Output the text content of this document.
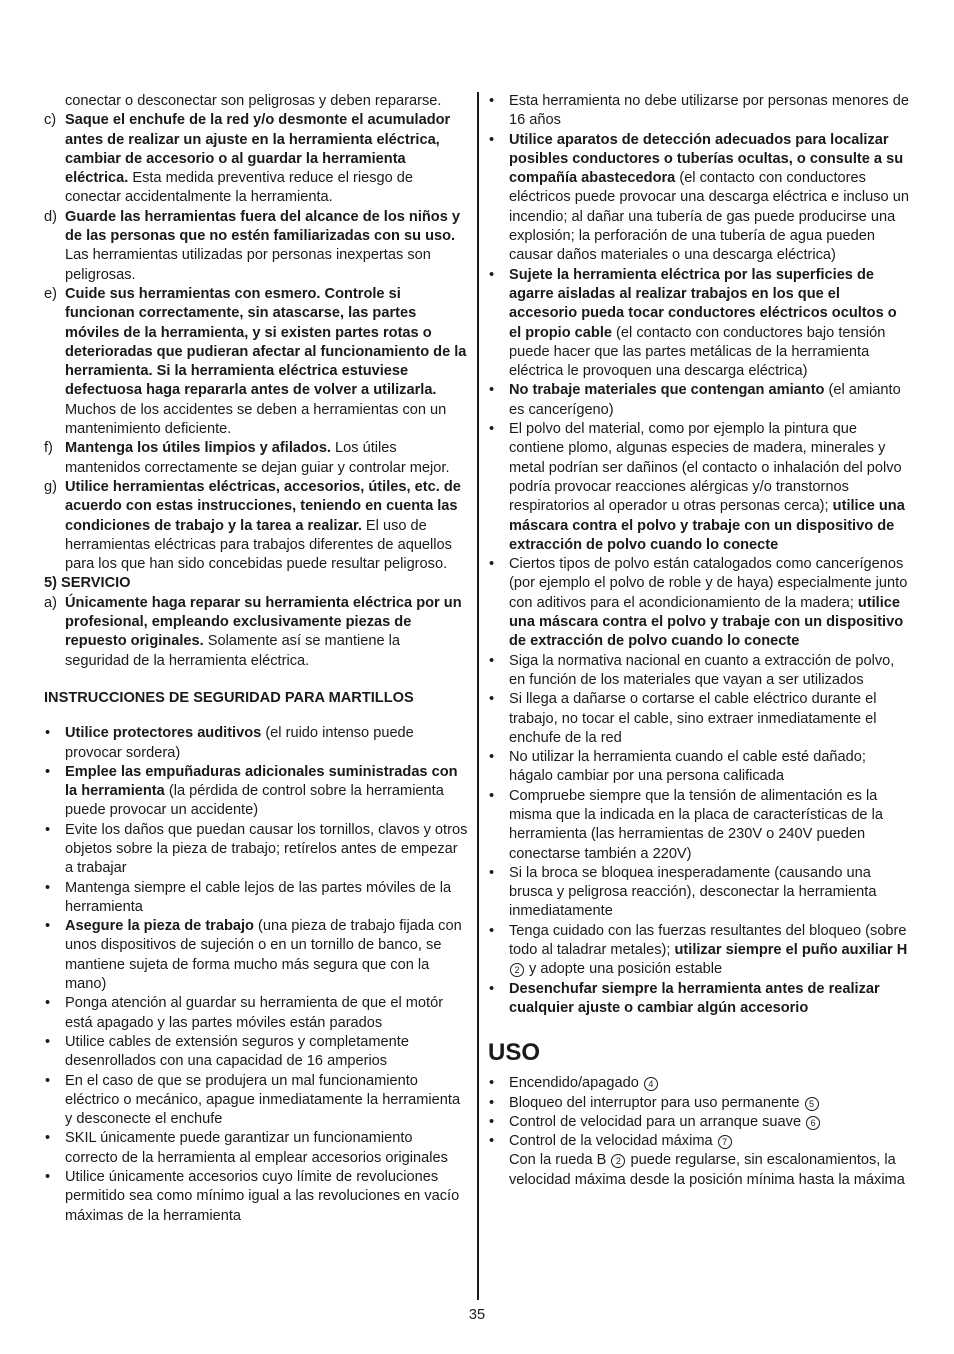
conectar o desconectar son peligrosas y deben repararse.
c) Saque el enchufe de la red y/o desmonte el acumulador antes de realizar un ajuste en la herramienta eléctrica, cambiar de accesorio o al guardar la herramienta eléctrica. Esta medida preventiva reduce el riesgo de conectar accidentalmente la herramienta.
d) Guarde las herramientas fuera del alcance de los niños y de las personas que no estén familiarizadas con su uso. Las herramientas utilizadas por personas inexpertas son peligrosas.
e) Cuide sus herramientas con esmero. Controle si funcionan correctamente, sin atascarse, las partes móviles de la herramienta, y si existen partes rotas o deterioradas que pudieran afectar al funcionamiento de la herramienta. Si la herramienta eléctrica estuviese defectuosa haga repararla antes de volver a utilizarla. Muchos de los accidentes se deben a herramientas con un mantenimiento deficiente.
f) Mantenga los útiles limpios y afilados. Los útiles mantenidos correctamente se dejan guiar y controlar mejor.
g) Utilice herramientas eléctricas, accesorios, útiles, etc. de acuerdo con estas instrucciones, teniendo en cuenta las condiciones de trabajo y la tarea a realizar. El uso de herramientas eléctricas para trabajos diferentes de aquellos para los que han sido concebidas puede resultar peligroso.
5) SERVICIO
a) Únicamente haga reparar su herramienta eléctrica por un profesional, empleando exclusivamente piezas de repuesto originales. Solamente así se mantiene la seguridad de la herramienta eléctrica.
INSTRUCCIONES DE SEGURIDAD PARA MARTILLOS
• Utilice protectores auditivos (el ruido intenso puede provocar sordera)
• Emplee las empuñaduras adicionales suministradas con la herramienta (la pérdida de control sobre la herramienta puede provocar un accidente)
• Evite los daños que puedan causar los tornillos, clavos y otros objetos sobre la pieza de trabajo; retírelos antes de empezar a trabajar
• Mantenga siempre el cable lejos de las partes móviles de la herramienta
• Asegure la pieza de trabajo (una pieza de trabajo fijada con unos dispositivos de sujeción o en un tornillo de banco, se mantiene sujeta de forma mucho más segura que con la mano)
• Ponga atención al guardar su herramienta de que el motór está apagado y las partes móviles están parados
• Utilice cables de extensión seguros y completamente desenrollados con una capacidad de 16 amperios
• En el caso de que se produjera un mal funcionamiento eléctrico o mecánico, apague inmediatamente la herramienta y desconecte el enchufe
• SKIL únicamente puede garantizar un funcionamiento correcto de la herramienta al emplear accesorios originales
• Utilice únicamente accesorios cuyo límite de revoluciones permitido sea como mínimo igual a las revoluciones en vacío máximas de la herramienta
• Esta herramienta no debe utilizarse por personas menores de 16 años
• Utilice aparatos de detección adecuados para localizar posibles conductores o tuberías ocultas, o consulte a su compañía abastecedora (el contacto con conductores eléctricos puede provocar una descarga eléctrica e incluso un incendio; al dañar una tubería de gas puede producirse una explosión; la perforación de una tubería de agua pueden causar daños materiales o una descarga eléctrica)
• Sujete la herramienta eléctrica por las superficies de agarre aisladas al realizar trabajos en los que el accesorio pueda tocar conductores eléctricos ocultos o el propio cable (el contacto con conductores bajo tensión puede hacer que las partes metálicas de la herramienta eléctrica le provoquen una descarga eléctrica)
• No trabaje materiales que contengan amianto (el amianto es cancerígeno)
• El polvo del material, como por ejemplo la pintura que contiene plomo, algunas especies de madera, minerales y metal podrían ser dañinos (el contacto o inhalación del polvo podría provocar reacciones alérgicas y/o transtornos respiratorios al operador u otras personas cerca); utilice una máscara contra el polvo y trabaje con un dispositivo de extracción de polvo cuando lo conecte
• Ciertos tipos de polvo están catalogados como cancerígenos (por ejemplo el polvo de roble y de haya) especialmente junto con aditivos para el acondicionamiento de la madera; utilice una máscara contra el polvo y trabaje con un dispositivo de extracción de polvo cuando lo conecte
• Siga la normativa nacional en cuanto a extracción de polvo, en función de los materiales que vayan a ser utilizados
• Si llega a dañarse o cortarse el cable eléctrico durante el trabajo, no tocar el cable, sino extraer inmediatamente el enchufe de la red
• No utilizar la herramienta cuando el cable esté dañado; hágalo cambiar por una persona calificada
• Compruebe siempre que la tensión de alimentación es la misma que la indicada en la placa de características de la herramienta (las herramientas de 230V o 240V pueden conectarse también a 220V)
• Si la broca se bloquea inesperadamente (causando una brusca y peligrosa reacción), desconectar la herramienta inmediatamente
• Tenga cuidado con las fuerzas resultantes del bloqueo (sobre todo al taladrar metales); utilizar siempre el puño auxiliar H 2 y adopte una posición estable
• Desenchufar siempre la herramienta antes de realizar cualquier ajuste o cambiar algún accesorio
USO
• Encendido/apagado 4
• Bloqueo del interruptor para uso permanente 5
• Control de velocidad para un arranque suave 6
• Control de la velocidad máxima 7
Con la rueda B 2 puede regularse, sin escalonamientos, la velocidad máxima desde la posición mínima hasta la máxima
35
